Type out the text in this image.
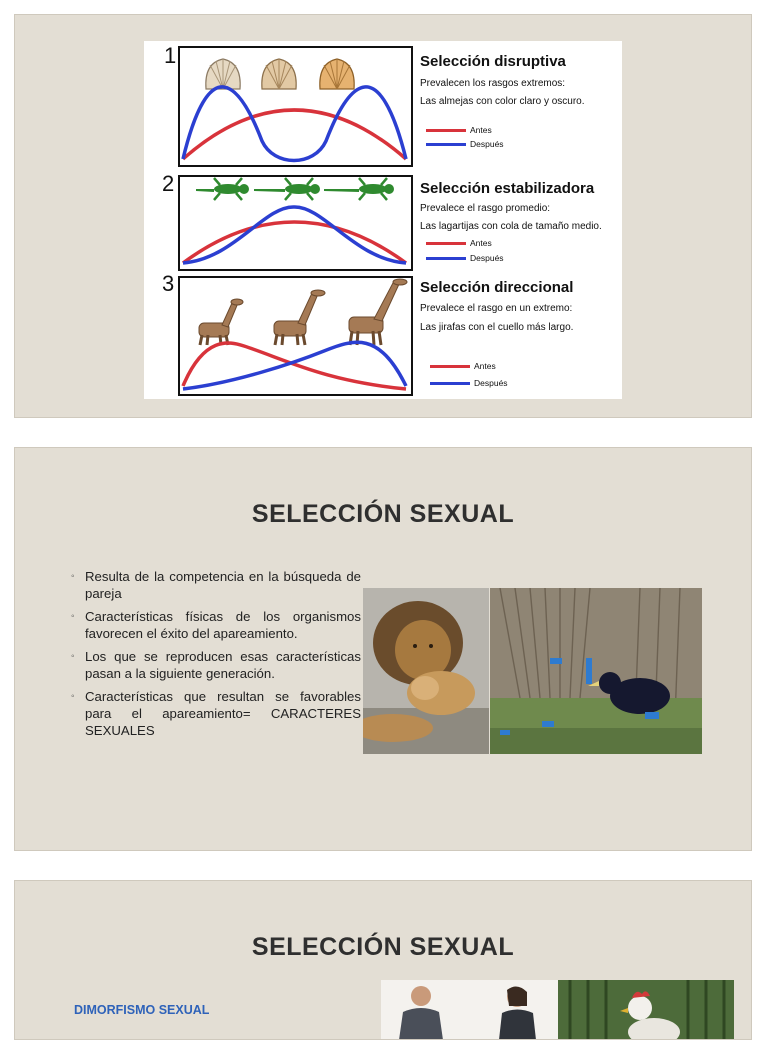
1
2
3
Selección disruptiva
Prevalecen los rasgos extremos:
Las almejas con color claro y oscuro.
Antes
Después
Selección estabilizadora
Prevalece el rasgo promedio:
Las lagartijas con cola de tamaño medio.
Antes
Después
Selección direccional
Prevalece el rasgo en un extremo:
Las jirafas con el cuello más largo.
Antes
Después
SELECCIÓN SEXUAL
◦ Resulta de la competencia en la búsqueda de pareja
◦ Características físicas de los organismos favorecen el éxito del apareamiento.
◦ Los que se reproducen esas características pasan a la siguiente generación.
◦ Características que resultan se favorables para el apareamiento= CARACTERES SEXUALES
SELECCIÓN SEXUAL
DIMORFISMO SEXUAL
